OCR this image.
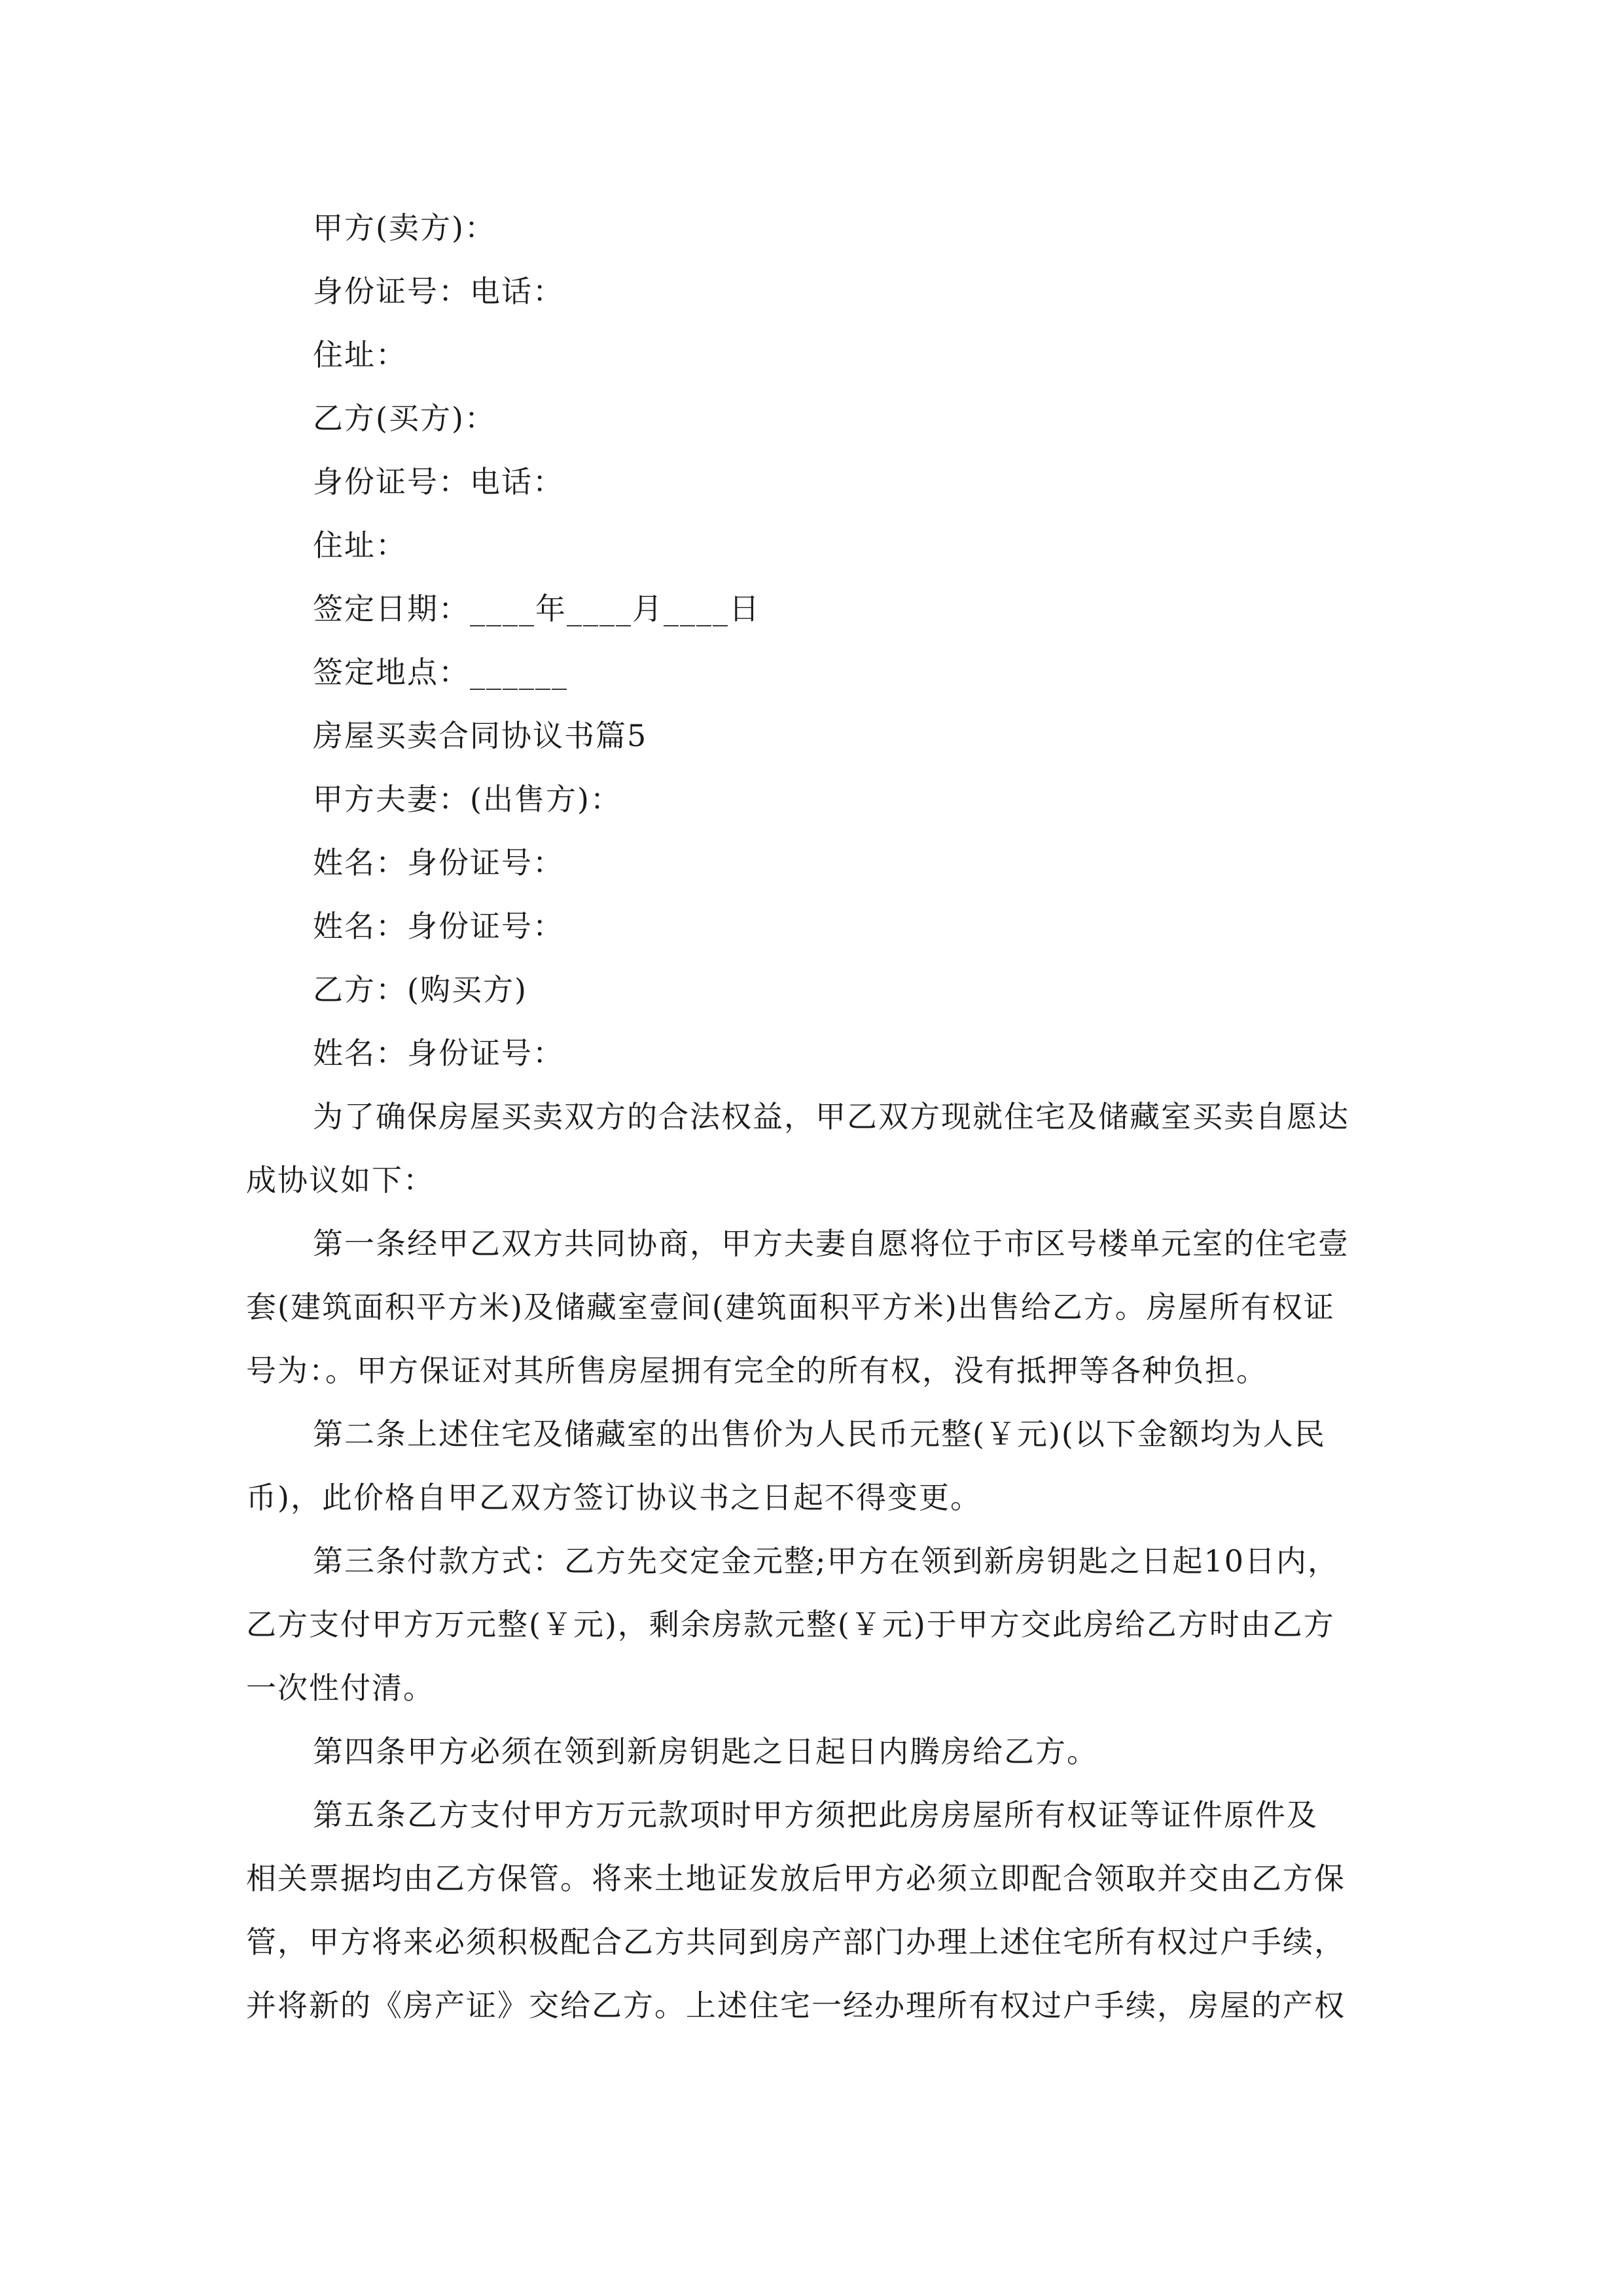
甲方(卖方)：
身份证号：电话：
住址：
乙方(买方)：
身份证号：电话：
住址：
签定日期：____年____月____日
签定地点：______
房屋买卖合同协议书篇5
甲方夫妻：(出售方)：
姓名：身份证号：
姓名：身份证号：
乙方：(购买方)
姓名：身份证号：
为了确保房屋买卖双方的合法权益，甲乙双方现就住宅及储藏室买卖自愿达
成协议如下：
第一条经甲乙双方共同协商，甲方夫妻自愿将位于市区号楼单元室的住宅壹
套(建筑面积平方米)及储藏室壹间(建筑面积平方米)出售给乙方。房屋所有权证
号为：。甲方保证对其所售房屋拥有完全的所有权，没有抵押等各种负担。
第二条上述住宅及储藏室的出售价为人民币元整(￥元)(以下金额均为人民
币)，此价格自甲乙双方签订协议书之日起不得变更。
第三条付款方式：乙方先交定金元整;甲方在领到新房钥匙之日起10日内，
乙方支付甲方万元整(￥元)，剩余房款元整(￥元)于甲方交此房给乙方时由乙方
一次性付清。
第四条甲方必须在领到新房钥匙之日起日内腾房给乙方。
第五条乙方支付甲方万元款项时甲方须把此房房屋所有权证等证件原件及
相关票据均由乙方保管。将来土地证发放后甲方必须立即配合领取并交由乙方保
管，甲方将来必须积极配合乙方共同到房产部门办理上述住宅所有权过户手续，
并将新的《房产证》交给乙方。上述住宅一经办理所有权过户手续，房屋的产权
